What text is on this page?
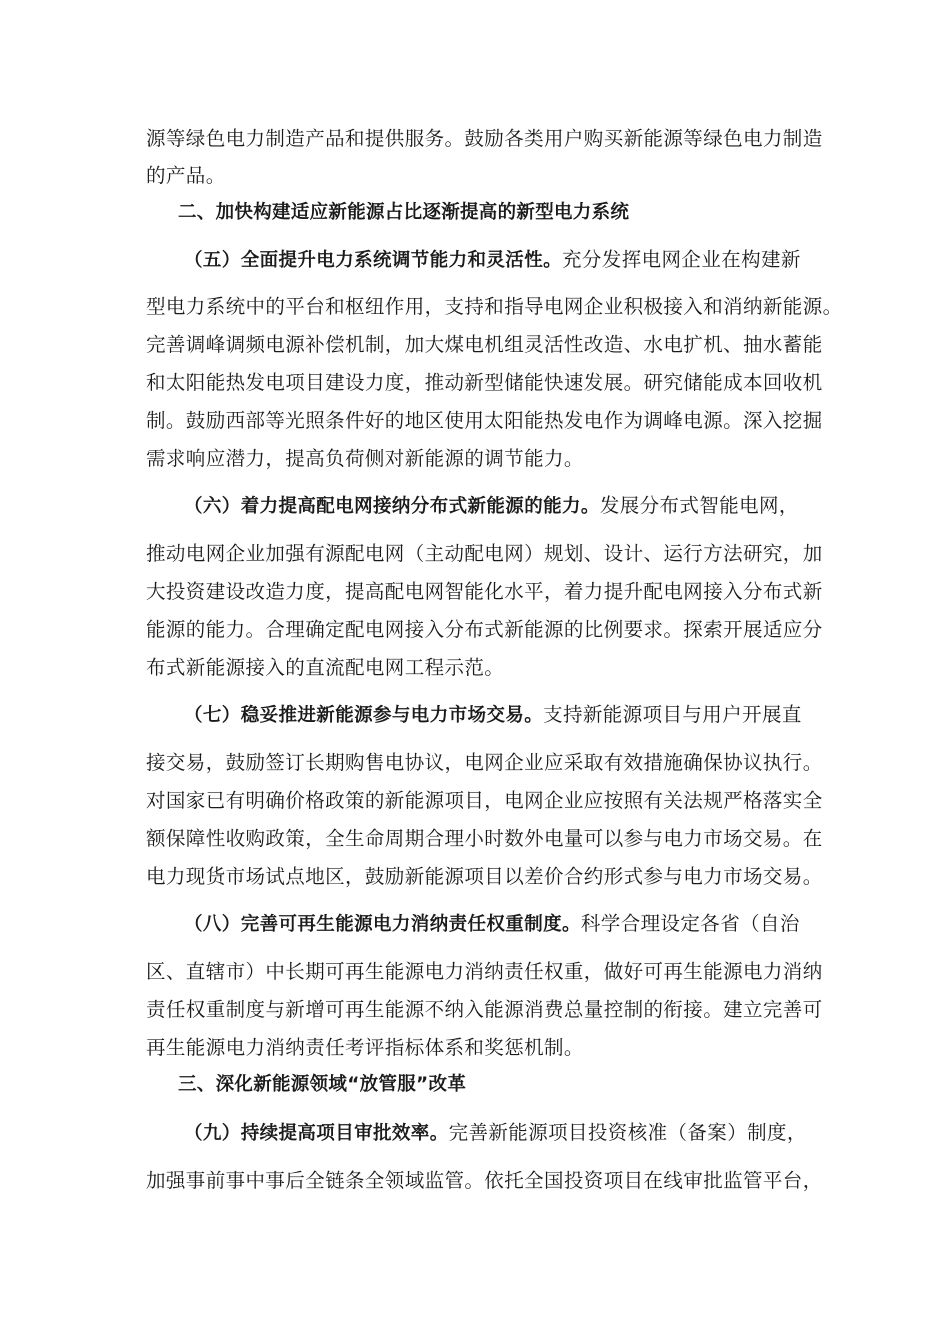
源等绿色电力制造产品和提供服务。鼓励各类用户购买新能源等绿色电力制造
的产品。
二、加快构建适应新能源占比逐渐提高的新型电力系统
（五）全面提升电力系统调节能力和灵活性。充分发挥电网企业在构建新
型电力系统中的平台和枢纽作用，支持和指导电网企业积极接入和消纳新能源。
完善调峰调频电源补偿机制，加大煤电机组灵活性改造、水电扩机、抽水蓄能
和太阳能热发电项目建设力度，推动新型储能快速发展。研究储能成本回收机
制。鼓励西部等光照条件好的地区使用太阳能热发电作为调峰电源。深入挖掘
需求响应潜力，提高负荷侧对新能源的调节能力。
（六）着力提高配电网接纳分布式新能源的能力。发展分布式智能电网，
推动电网企业加强有源配电网（主动配电网）规划、设计、运行方法研究，加
大投资建设改造力度，提高配电网智能化水平，着力提升配电网接入分布式新
能源的能力。合理确定配电网接入分布式新能源的比例要求。探索开展适应分
布式新能源接入的直流配电网工程示范。
（七）稳妥推进新能源参与电力市场交易。支持新能源项目与用户开展直
接交易，鼓励签订长期购售电协议，电网企业应采取有效措施确保协议执行。
对国家已有明确价格政策的新能源项目，电网企业应按照有关法规严格落实全
额保障性收购政策，全生命周期合理小时数外电量可以参与电力市场交易。在
电力现货市场试点地区，鼓励新能源项目以差价合约形式参与电力市场交易。
（八）完善可再生能源电力消纳责任权重制度。科学合理设定各省（自治
区、直辖市）中长期可再生能源电力消纳责任权重，做好可再生能源电力消纳
责任权重制度与新增可再生能源不纳入能源消费总量控制的衔接。建立完善可
再生能源电力消纳责任考评指标体系和奖惩机制。
三、深化新能源领域“放管服”改革
（九）持续提高项目审批效率。完善新能源项目投资核准（备案）制度，
加强事前事中事后全链条全领域监管。依托全国投资项目在线审批监管平台，
